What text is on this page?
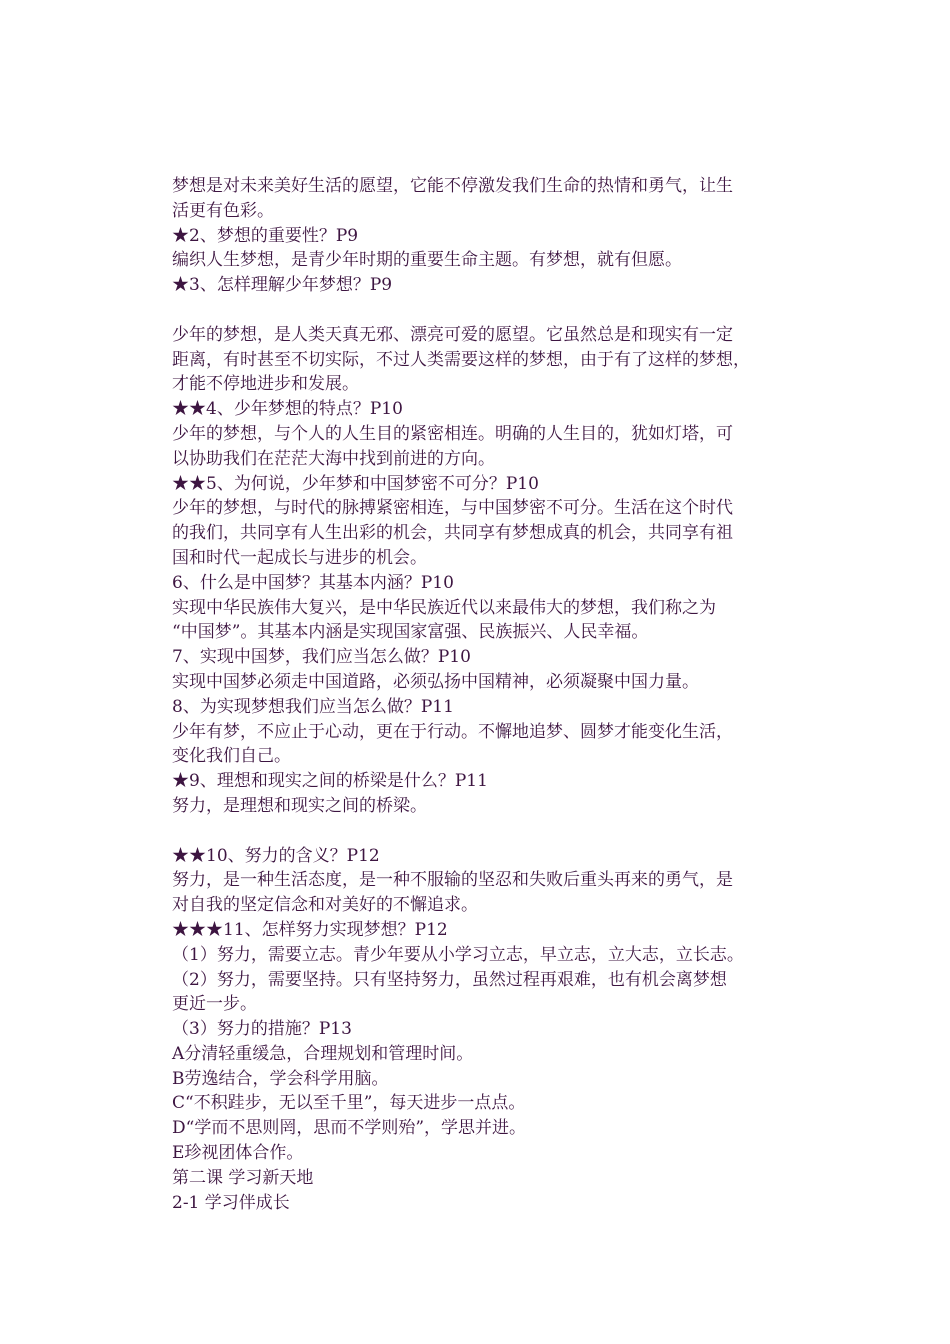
梦想是对未来美好生活的愿望，它能不停激发我们生命的热情和勇气，让生
活更有色彩。
★2、梦想的重要性？P9
编织人生梦想，是青少年时期的重要生命主题。有梦想，就有但愿。
★3、怎样理解少年梦想？P9
少年的梦想，是人类天真无邪、漂亮可爱的愿望。它虽然总是和现实有一定
距离，有时甚至不切实际，不过人类需要这样的梦想，由于有了这样的梦想，
才能不停地进步和发展。
★★4、少年梦想的特点？P10
少年的梦想，与个人的人生目的紧密相连。明确的人生目的，犹如灯塔，可
以协助我们在茫茫大海中找到前进的方向。
★★5、为何说，少年梦和中国梦密不可分？P10
少年的梦想，与时代的脉搏紧密相连，与中国梦密不可分。生活在这个时代
的我们，共同享有人生出彩的机会，共同享有梦想成真的机会，共同享有祖
国和时代一起成长与进步的机会。
6、什么是中国梦？其基本内涵？P10
实现中华民族伟大复兴，是中华民族近代以来最伟大的梦想，我们称之为
“中国梦”。其基本内涵是实现国家富强、民族振兴、人民幸福。
7、实现中国梦，我们应当怎么做？P10
实现中国梦必须走中国道路，必须弘扬中国精神，必须凝聚中国力量。
8、为实现梦想我们应当怎么做？P11
少年有梦，不应止于心动，更在于行动。不懈地追梦、圆梦才能变化生活，
变化我们自己。
★9、理想和现实之间的桥梁是什么？P11
努力，是理想和现实之间的桥梁。
★★10、努力的含义？P12
努力，是一种生活态度，是一种不服输的坚忍和失败后重头再来的勇气，是
对自我的坚定信念和对美好的不懈追求。
★★★11、怎样努力实现梦想？P12
（1）努力，需要立志。青少年要从小学习立志，早立志，立大志，立长志。
（2）努力，需要坚持。只有坚持努力，虽然过程再艰难，也有机会离梦想
更近一步。
（3）努力的措施？P13
A分清轻重缓急，合理规划和管理时间。
B劳逸结合，学会科学用脑。
C“不积跬步，无以至千里”，每天进步一点点。
D“学而不思则罔，思而不学则殆”，学思并进。
E珍视团体合作。
第二课 学习新天地
2-1 学习伴成长
